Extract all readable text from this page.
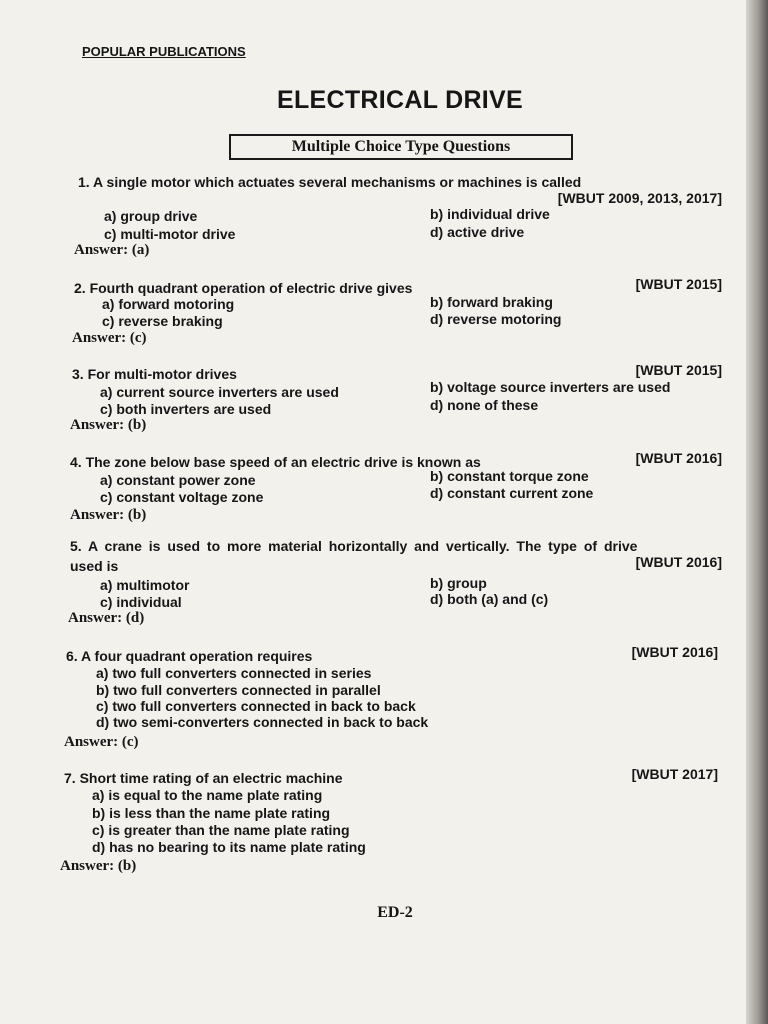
POPULAR PUBLICATIONS
ELECTRICAL DRIVE
Multiple Choice Type Questions
1. A single motor which actuates several mechanisms or machines is called
[WBUT 2009, 2013, 2017]
a) group drive	b) individual drive
c) multi-motor drive	d) active drive
Answer: (a)
2. Fourth quadrant operation of electric drive gives	[WBUT 2015]
a) forward motoring	b) forward braking
c) reverse braking	d) reverse motoring
Answer: (c)
3. For multi-motor drives	[WBUT 2015]
a) current source inverters are used	b) voltage source inverters are used
c) both inverters are used	d) none of these
Answer: (b)
4. The zone below base speed of an electric drive is known as	[WBUT 2016]
a) constant power zone	b) constant torque zone
c) constant voltage zone	d) constant current zone
Answer: (b)
5. A crane is used to more material horizontally and vertically. The type of drive
used is	[WBUT 2016]
a) multimotor	b) group
c) individual	d) both (a) and (c)
Answer: (d)
6. A four quadrant operation requires	[WBUT 2016]
a) two full converters connected in series
b) two full converters connected in parallel
c) two full converters connected in back to back
d) two semi-converters connected in back to back
Answer: (c)
7. Short time rating of an electric machine	[WBUT 2017]
a) is equal to the name plate rating
b) is less than the name plate rating
c) is greater than the name plate rating
d) has no bearing to its name plate rating
Answer: (b)
ED-2
